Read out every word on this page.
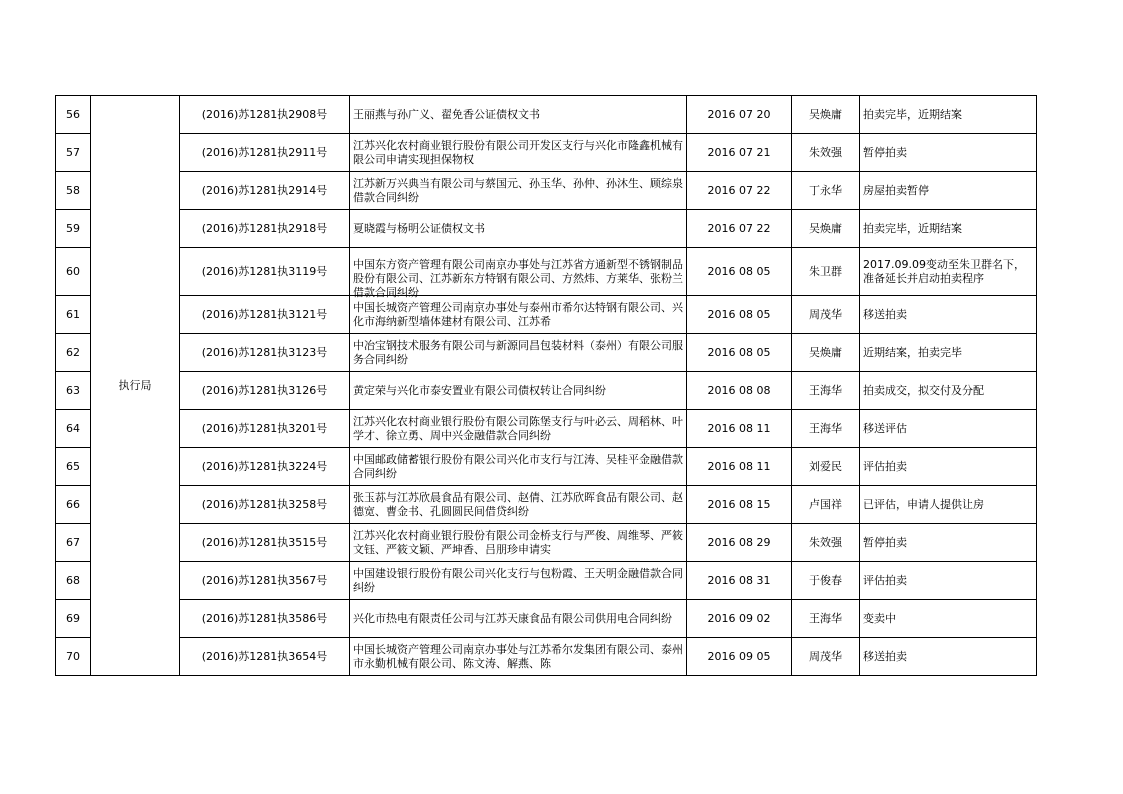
56	执行局	(2016)苏1281执2908号	王丽燕与孙广义、翟免香公证债权文书	2016 07 20	吴焕庸	拍卖完毕，近期结案
57		(2016)苏1281执2911号	江苏兴化农村商业银行股份有限公司开发区支行与兴化市隆鑫机械有限公司申请实现担保物权	2016 07 21	朱效强	暂停拍卖
58		(2016)苏1281执2914号	江苏新万兴典当有限公司与蔡国元、孙玉华、孙仲、孙沐生、顾综泉借款合同纠纷	2016 07 22	丁永华	房屋拍卖暂停
59		(2016)苏1281执2918号	夏晓霞与杨明公证债权文书	2016 07 22	吴焕庸	拍卖完毕，近期结案
60		(2016)苏1281执3119号	中国东方资产管理有限公司南京办事处与江苏省方通新型不锈钢制品股份有限公司、江苏新东方特钢有限公司、方然炜、方莱华、张粉兰借款合同纠纷	2016 08 05	朱卫群	2017.09.09变动至朱卫群名下，准备延长并启动拍卖程序
61		(2016)苏1281执3121号	中国长城资产管理公司南京办事处与泰州市希尔达特钢有限公司、兴化市海纳新型墙体建材有限公司、江苏希	2016 08 05	周茂华	移送拍卖
62		(2016)苏1281执3123号	中冶宝钢技术服务有限公司与新源同昌包装材料（泰州）有限公司服务合同纠纷	2016 08 05	吴焕庸	近期结案，拍卖完毕
63		(2016)苏1281执3126号	黄定荣与兴化市泰安置业有限公司债权转让合同纠纷	2016 08 08	王海华	拍卖成交，拟交付及分配
64		(2016)苏1281执3201号	江苏兴化农村商业银行股份有限公司陈堡支行与叶必云、周稻林、叶学才、徐立勇、周中兴金融借款合同纠纷	2016 08 11	王海华	移送评估
65		(2016)苏1281执3224号	中国邮政储蓄银行股份有限公司兴化市支行与江涛、吴桂平金融借款合同纠纷	2016 08 11	刘爱民	评估拍卖
66		(2016)苏1281执3258号	张玉荪与江苏欣晨食品有限公司、赵倩、江苏欣晖食品有限公司、赵德宽、曹金书、孔圆圆民间借贷纠纷	2016 08 15	卢国祥	已评估，申请人提供让房
67		(2016)苏1281执3515号	江苏兴化农村商业银行股份有限公司金桥支行与严俊、周维琴、严筱文钰、严筱文颖、严坤香、吕朋珍申请实	2016 08 29	朱效强	暂停拍卖
68		(2016)苏1281执3567号	中国建设银行股份有限公司兴化支行与包粉霞、王天明金融借款合同纠纷	2016 08 31	于俊春	评估拍卖
69		(2016)苏1281执3586号	兴化市热电有限责任公司与江苏天康食品有限公司供用电合同纠纷	2016 09 02	王海华	变卖中
70		(2016)苏1281执3654号	中国长城资产管理公司南京办事处与江苏希尔发集团有限公司、泰州市永勤机械有限公司、陈文涛、解燕、陈	2016 09 05	周茂华	移送拍卖
